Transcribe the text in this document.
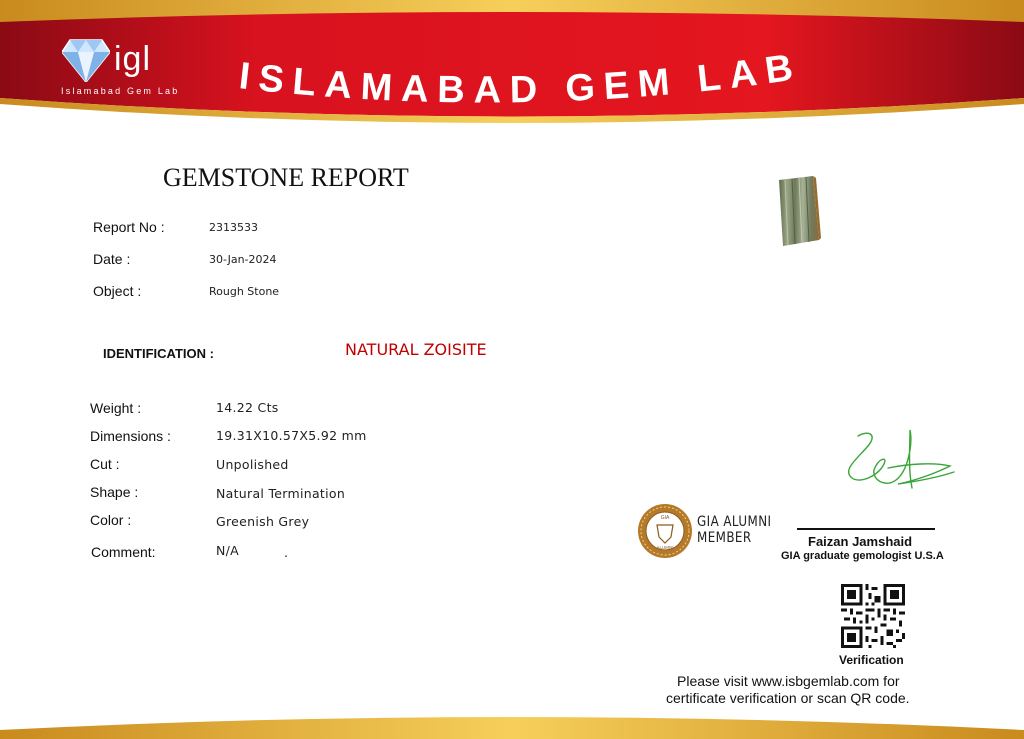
igl
Islamabad Gem Lab ISLAMABAD GEM LAB
GEMSTONE REPORT
Report No :	2313533
Date :	30-Jan-2024
Object :	Rough Stone
IDENTIFICATION :	NATURAL ZOISITE
Weight :	14.22 Cts
Dimensions :	19.31X10.57X5.92 mm
Cut :	Unpolished
Shape :	Natural Termination
Color :	Greenish Grey
Comment:	N/A	.
Faizan Jamshaid
GIA graduate gemologist U.S.A
GIA
ALUMNI
GIA ALUMNI
MEMBER
Verification
Please visit www.isbgemlab.com for
certificate verification or scan QR code.
